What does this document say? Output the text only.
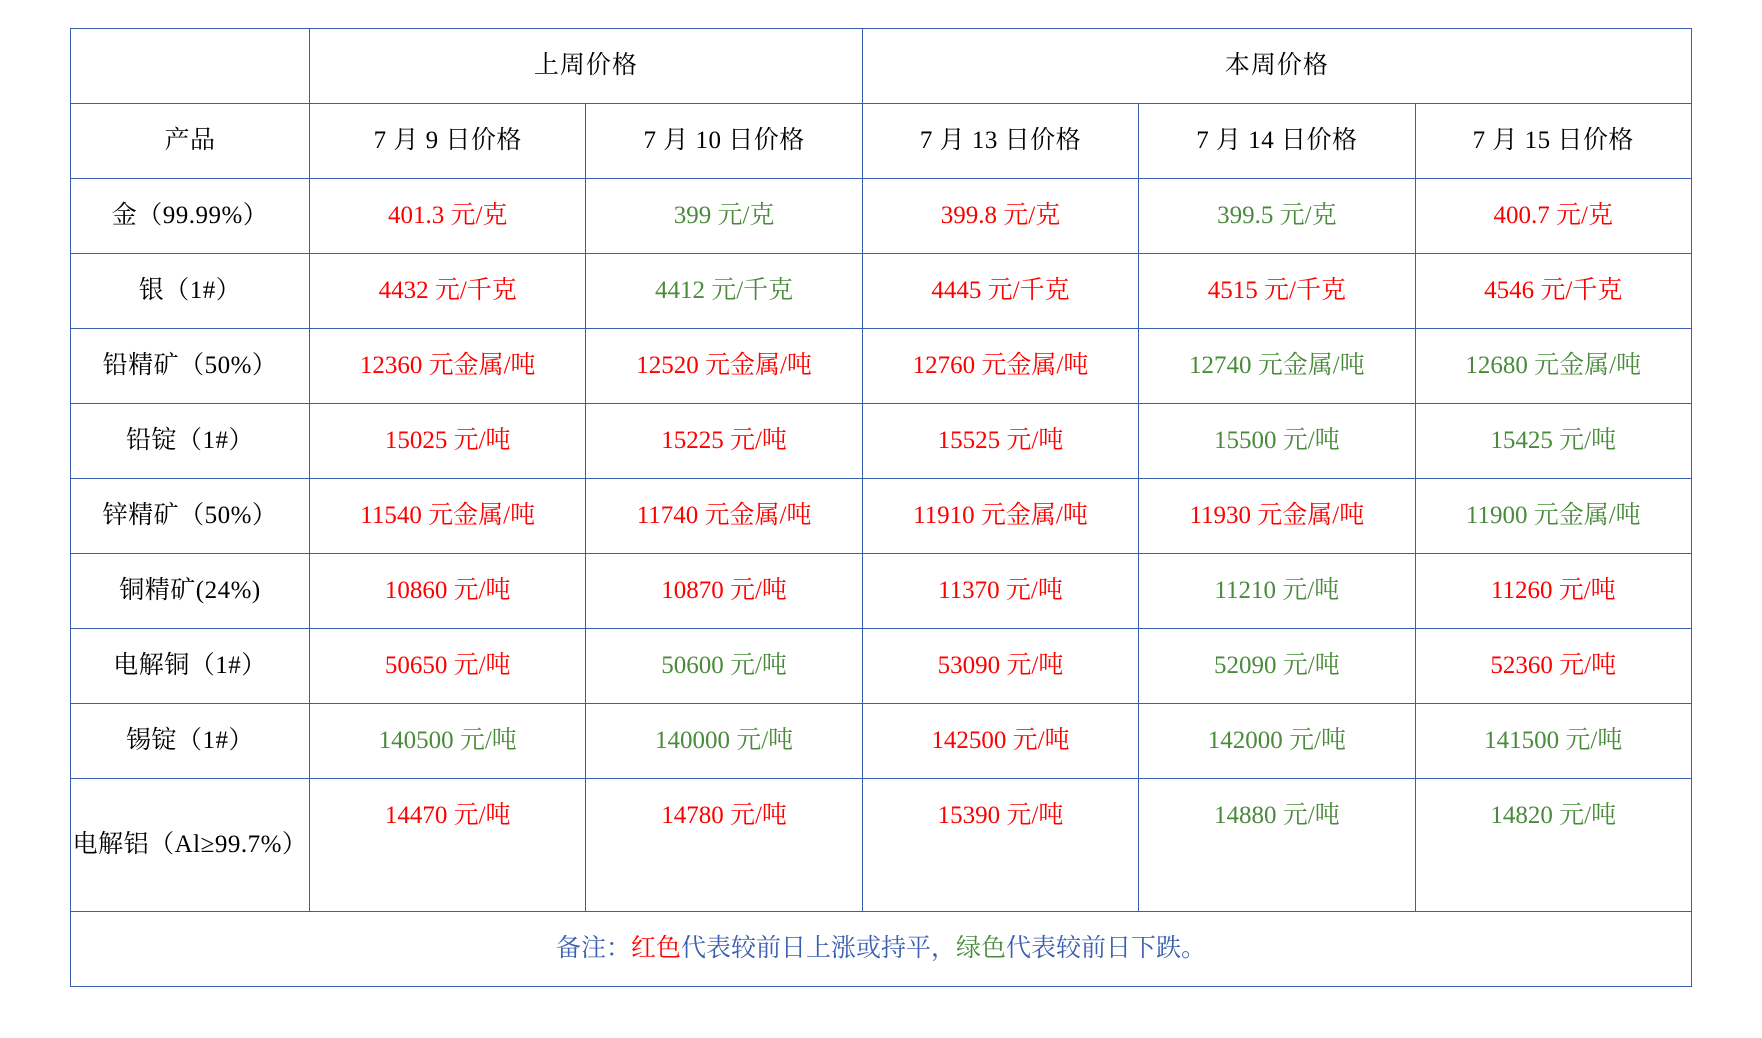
	上周价格		本周价格		
产品	7 月 9 日价格	7 月 10 日价格	7 月 13 日价格	7 月 14 日价格	7 月 15 日价格
金（99.99%）	401.3 元/克	399 元/克	399.8 元/克	399.5 元/克	400.7 元/克
银（1#）	4432 元/千克	4412 元/千克	4445 元/千克	4515 元/千克	4546 元/千克
铅精矿（50%）	12360 元金属/吨	12520 元金属/吨	12760 元金属/吨	12740 元金属/吨	12680 元金属/吨
铅锭（1#）	15025 元/吨	15225 元/吨	15525 元/吨	15500 元/吨	15425 元/吨
锌精矿（50%）	11540 元金属/吨	11740 元金属/吨	11910 元金属/吨	11930 元金属/吨	11900 元金属/吨
铜精矿(24%)	10860 元/吨	10870 元/吨	11370 元/吨	11210 元/吨	11260 元/吨
电解铜（1#）	50650 元/吨	50600 元/吨	53090 元/吨	52090 元/吨	52360 元/吨
锡锭（1#）	140500 元/吨	140000 元/吨	142500 元/吨	142000 元/吨	141500 元/吨
电解铝（Al≥99.7%）	14470 元/吨	14780 元/吨	15390 元/吨	14880 元/吨	14820 元/吨
备注：红色代表较前日上涨或持平，绿色代表较前日下跌。					
